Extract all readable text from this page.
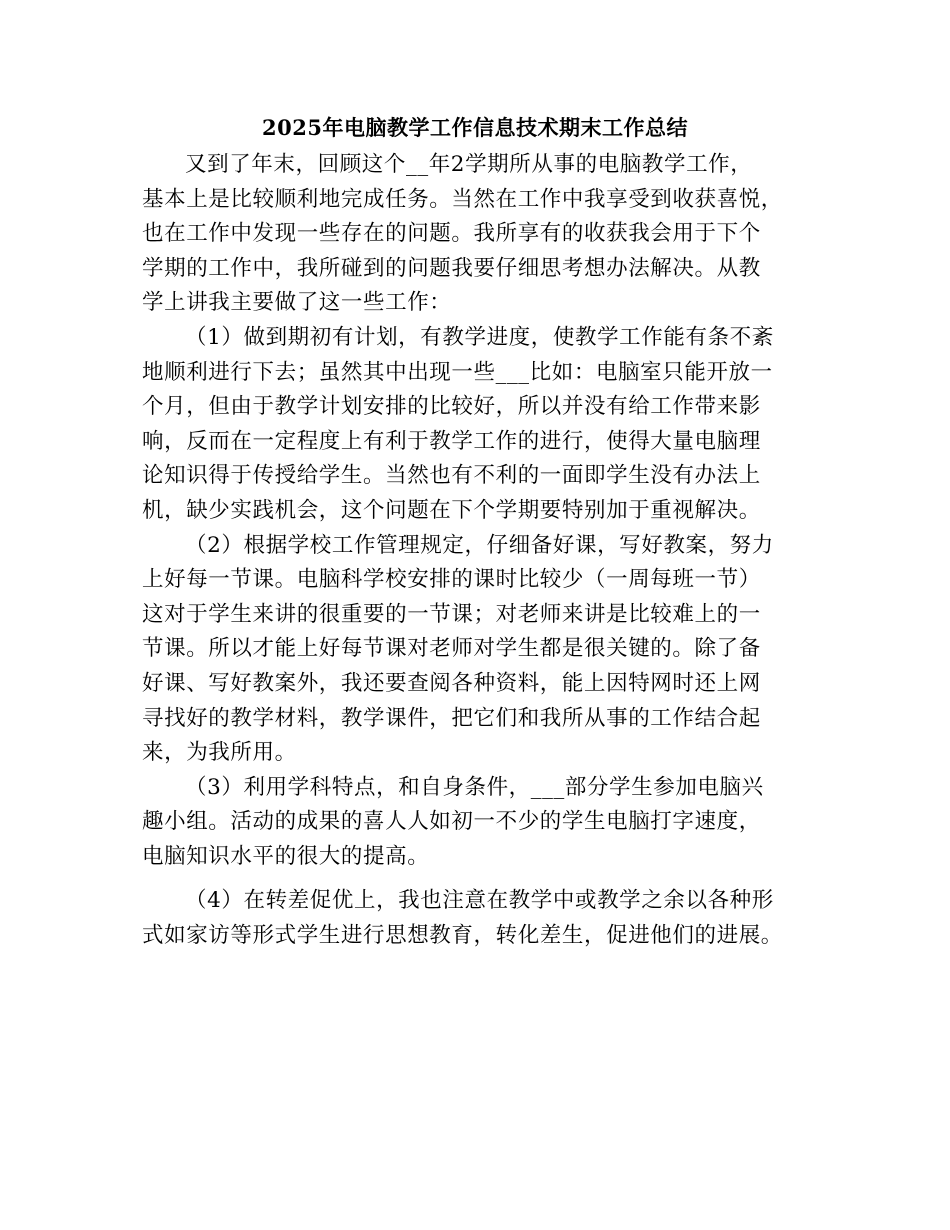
2025年电脑教学工作信息技术期末工作总结

又到了年末，回顾这个__年2学期所从事的电脑教学工作，
基本上是比较顺利地完成任务。当然在工作中我享受到收获喜悦，
也在工作中发现一些存在的问题。我所享有的收获我会用于下个
学期的工作中，我所碰到的问题我要仔细思考想办法解决。从教
学上讲我主要做了这一些工作：

（1）做到期初有计划，有教学进度，使教学工作能有条不紊
地顺利进行下去；虽然其中出现一些___比如：电脑室只能开放一
个月，但由于教学计划安排的比较好，所以并没有给工作带来影
响，反而在一定程度上有利于教学工作的进行，使得大量电脑理
论知识得于传授给学生。当然也有不利的一面即学生没有办法上
机，缺少实践机会，这个问题在下个学期要特别加于重视解决。

（2）根据学校工作管理规定，仔细备好课，写好教案，努力
上好每一节课。电脑科学校安排的课时比较少（一周每班一节）
这对于学生来讲的很重要的一节课；对老师来讲是比较难上的一
节课。所以才能上好每节课对老师对学生都是很关键的。除了备
好课、写好教案外，我还要查阅各种资料，能上因特网时还上网
寻找好的教学材料，教学课件，把它们和我所从事的工作结合起
来，为我所用。

（3）利用学科特点，和自身条件，___部分学生参加电脑兴
趣小组。活动的成果的喜人人如初一不少的学生电脑打字速度，
电脑知识水平的很大的提高。

（4）在转差促优上，我也注意在教学中或教学之余以各种形
式如家访等形式学生进行思想教育，转化差生，促进他们的进展。
